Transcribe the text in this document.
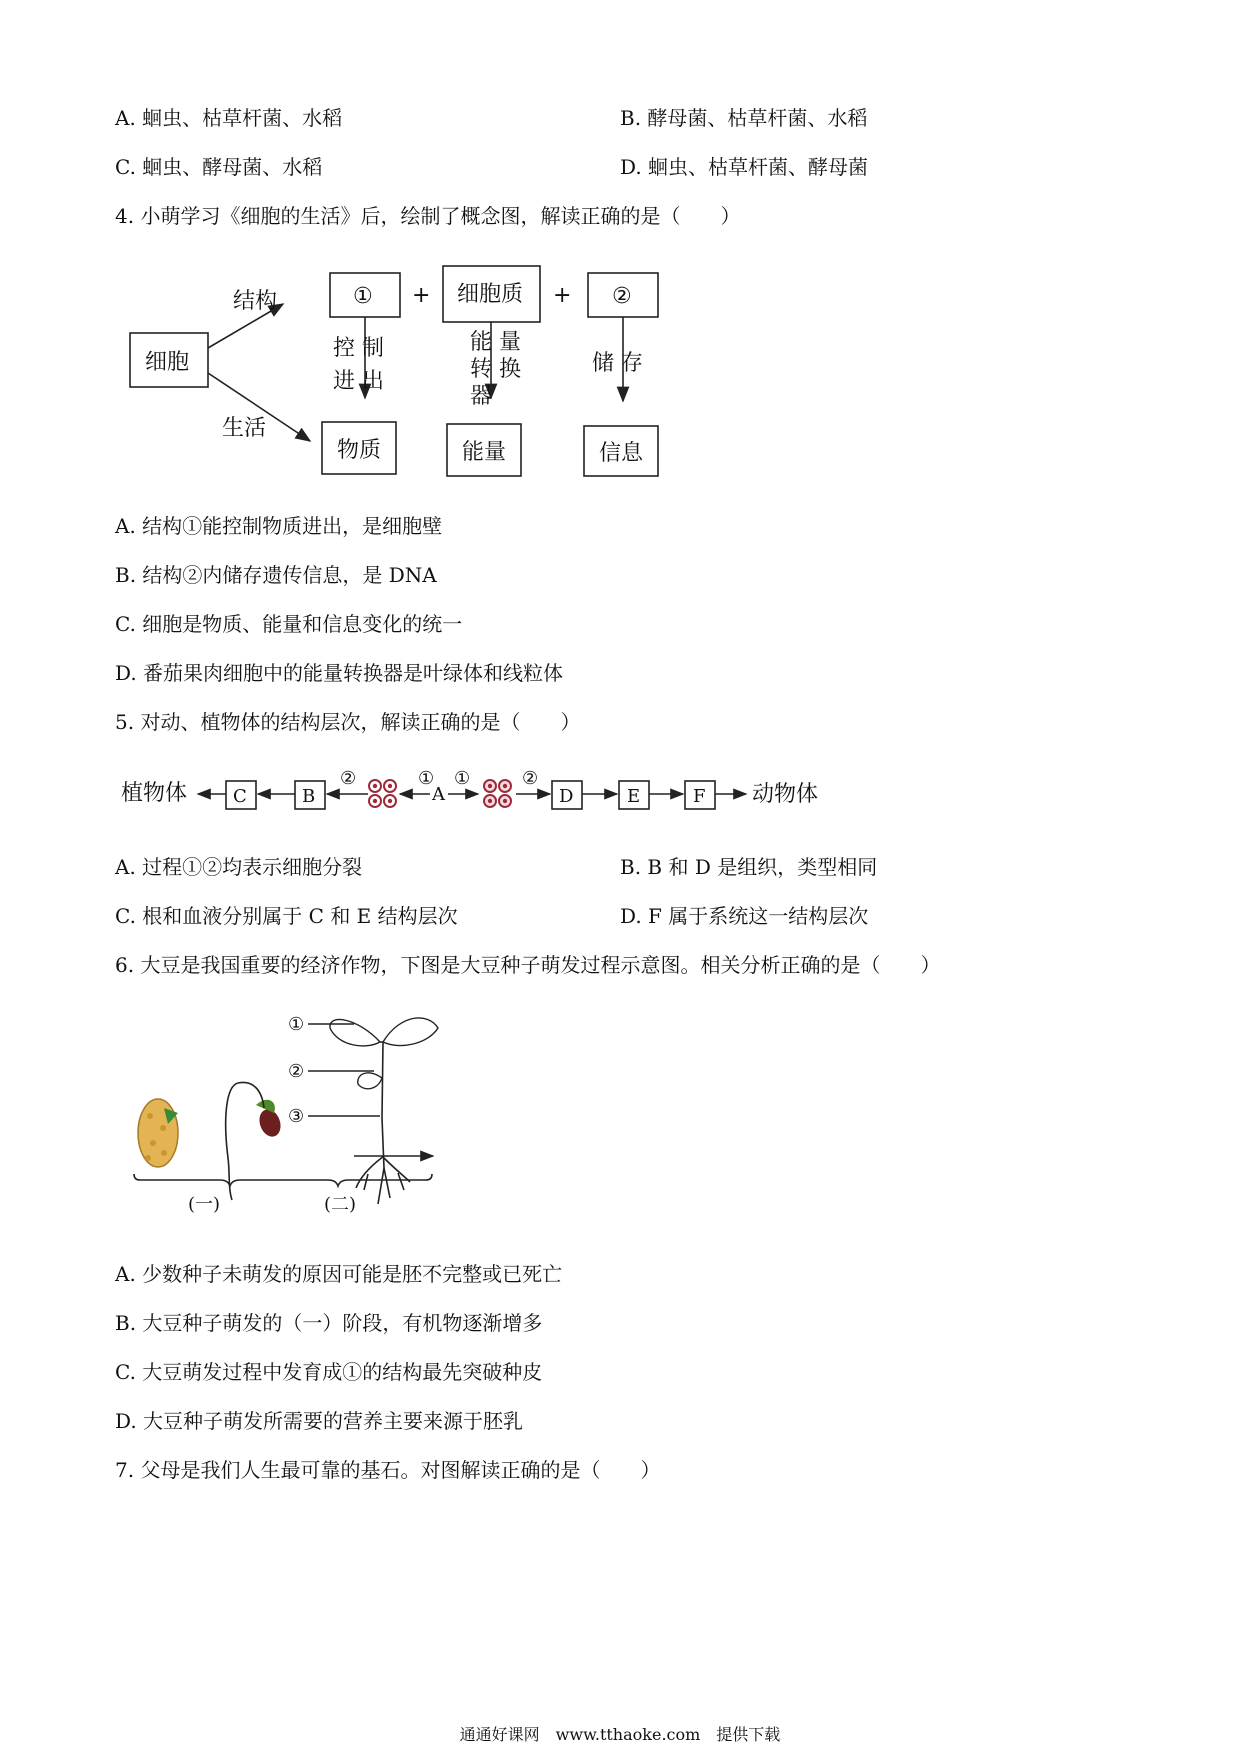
A. 蛔虫、枯草杆菌、水稻	B. 酵母菌、枯草杆菌、水稻
C. 蛔虫、酵母菌、水稻	D. 蛔虫、枯草杆菌、酵母菌
4. 小萌学习《细胞的生活》后，绘制了概念图，解读正确的是（　　）
细胞
结构
生活
① + 细胞质 + ②
控 制
进 出
能 量
转 换
器
储 存
物质	能量	信息
A. 结构①能控制物质进出，是细胞壁
B. 结构②内储存遗传信息，是 DNA
C. 细胞是物质、能量和信息变化的统一
D. 番茄果肉细胞中的能量转换器是叶绿体和线粒体
5. 对动、植物体的结构层次，解读正确的是（　　）
植物体	C	B
②	①
A
①	②
D	E	F 动物体
A. 过程①②均表示细胞分裂	B. B 和 D 是组织，类型相同
C. 根和血液分别属于 C 和 E 结构层次	D. F 属于系统这一结构层次
6. 大豆是我国重要的经济作物，下图是大豆种子萌发过程示意图。相关分析正确的是（　　）
①
②
③
(一)	(二)
A. 少数种子未萌发的原因可能是胚不完整或已死亡
B. 大豆种子萌发的（一）阶段，有机物逐渐增多
C. 大豆萌发过程中发育成①的结构最先突破种皮
D. 大豆种子萌发所需要的营养主要来源于胚乳
7. 父母是我们人生最可靠的基石。对图解读正确的是（　　）
通通好课网　www.tthaoke.com　提供下载
